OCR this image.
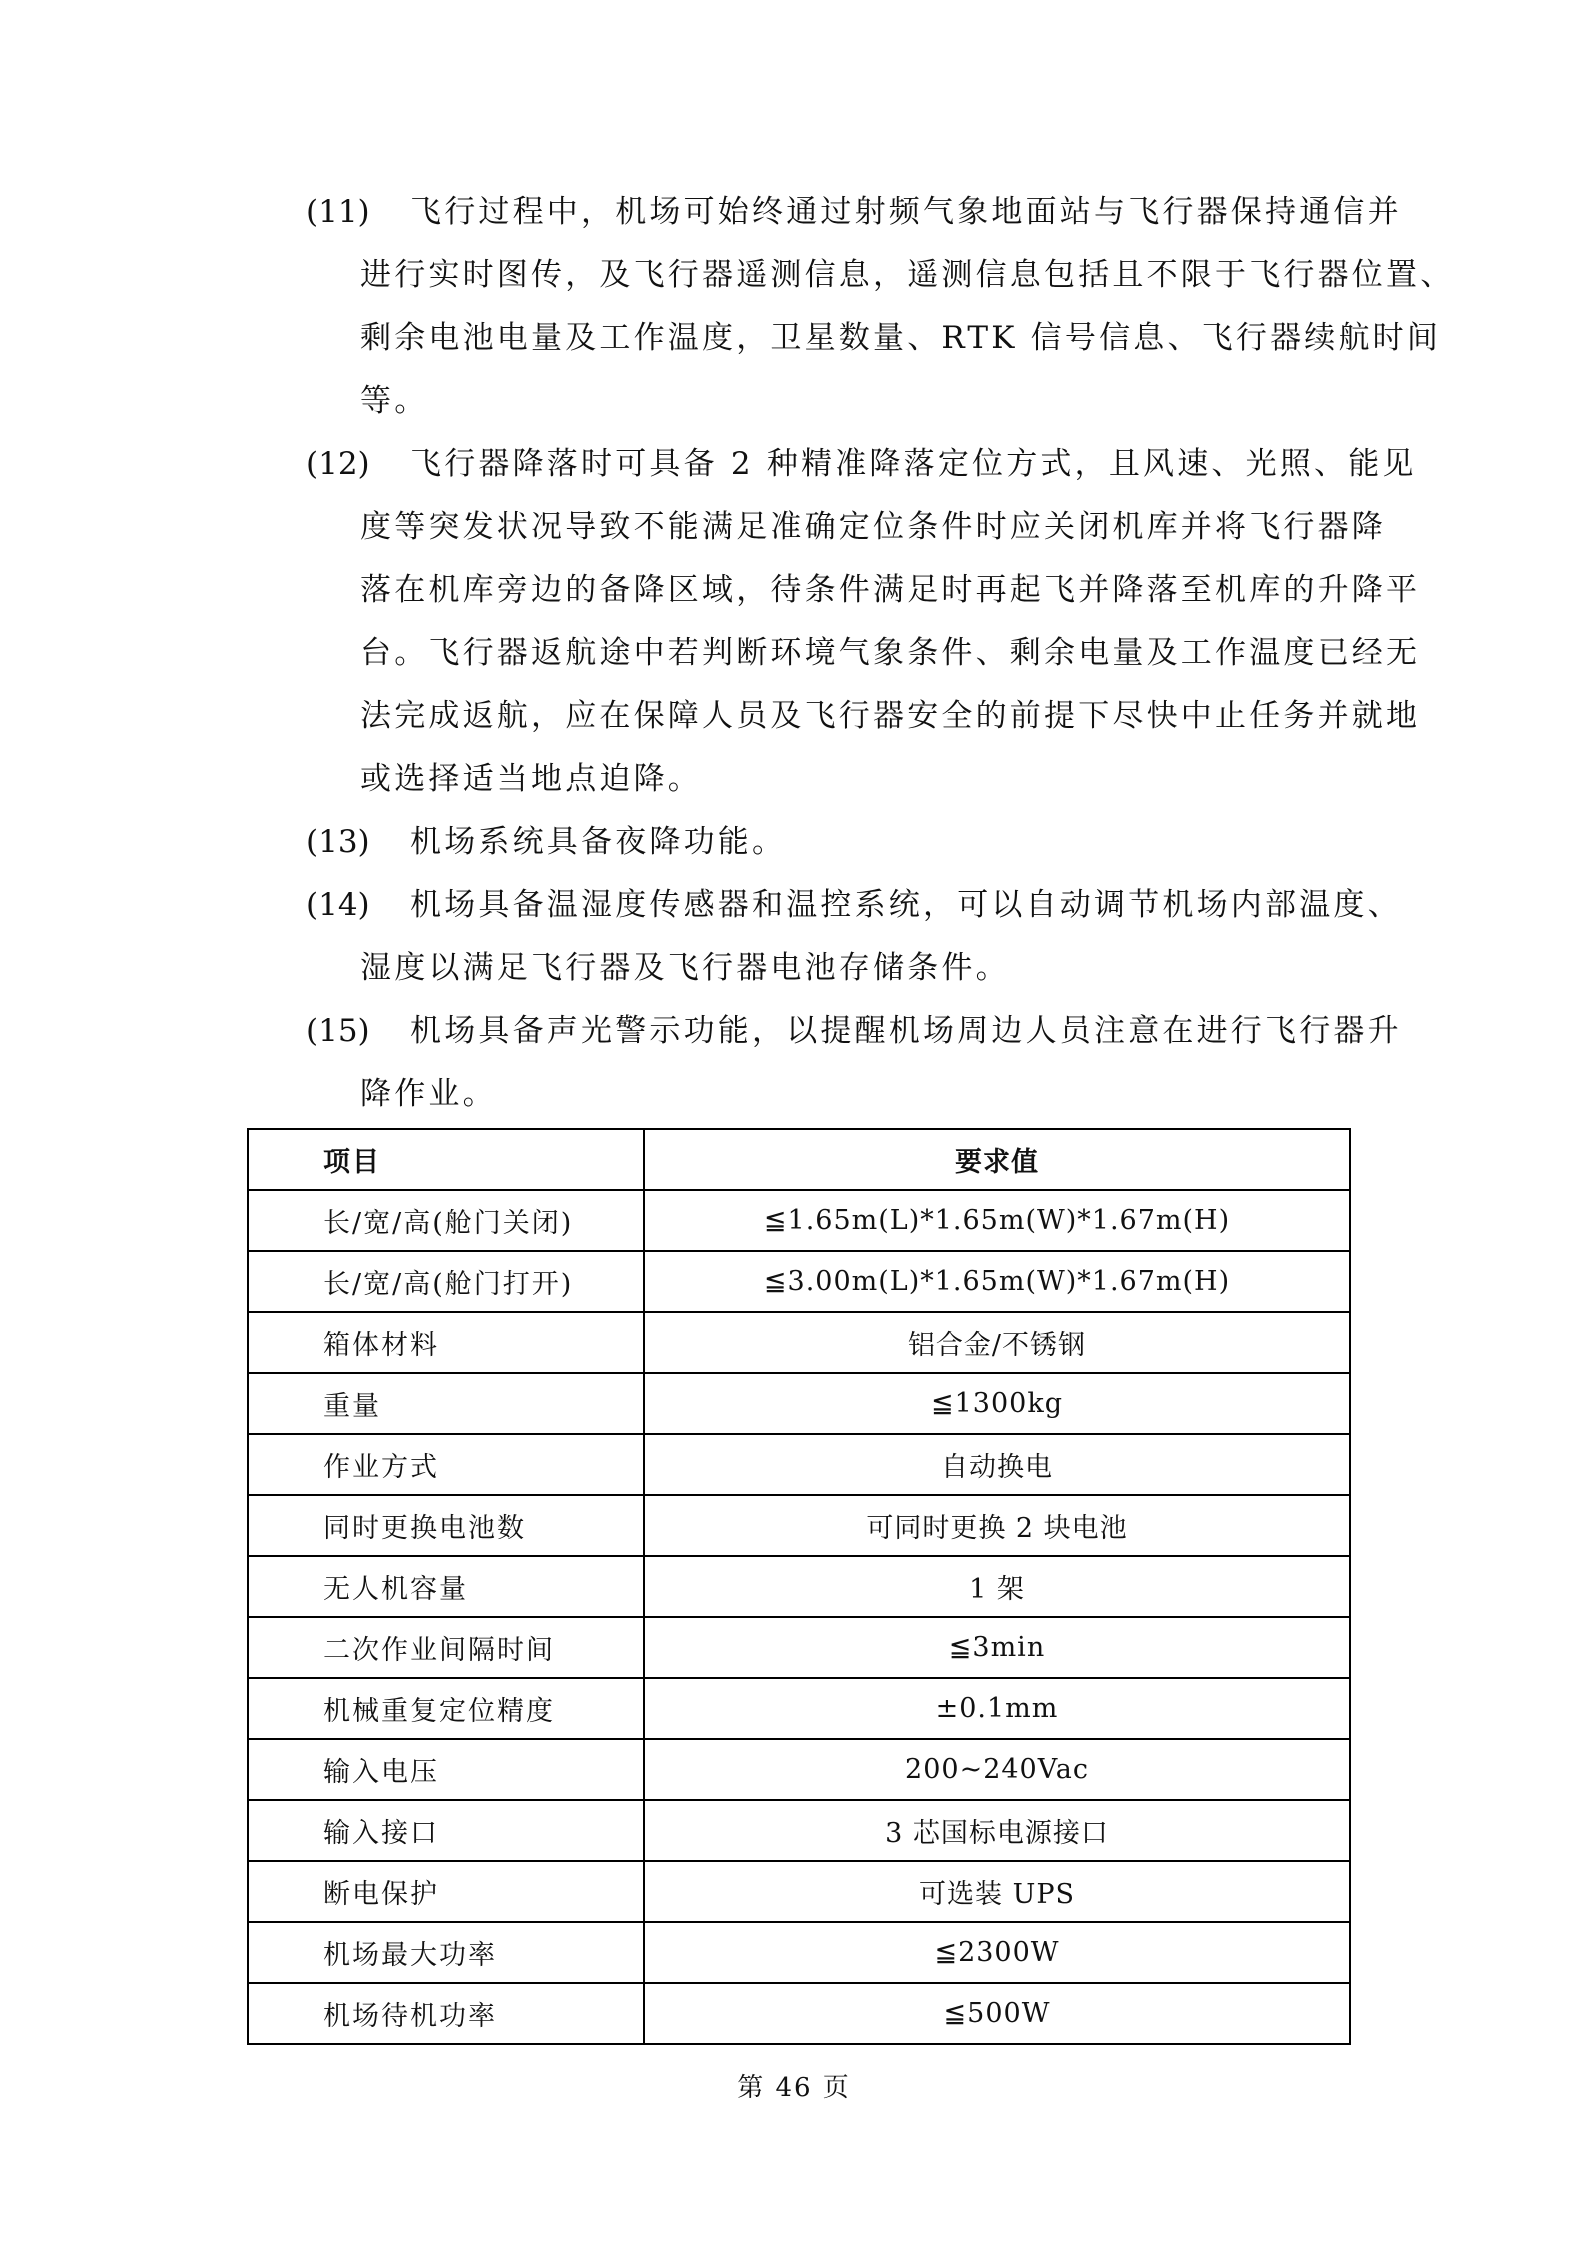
(11)	飞行过程中，机场可始终通过射频气象地面站与飞行器保持通信并
进行实时图传，及飞行器遥测信息，遥测信息包括且不限于飞行器位置、
剩余电池电量及工作温度，卫星数量、RTK 信号信息、飞行器续航时间
等。
(12)	飞行器降落时可具备 2 种精准降落定位方式，且风速、光照、能见
度等突发状况导致不能满足准确定位条件时应关闭机库并将飞行器降
落在机库旁边的备降区域，待条件满足时再起飞并降落至机库的升降平
台。飞行器返航途中若判断环境气象条件、剩余电量及工作温度已经无
法完成返航，应在保障人员及飞行器安全的前提下尽快中止任务并就地
或选择适当地点迫降。
(13)	机场系统具备夜降功能。
(14)	机场具备温湿度传感器和温控系统，可以自动调节机场内部温度、
湿度以满足飞行器及飞行器电池存储条件。
(15)	机场具备声光警示功能，以提醒机场周边人员注意在进行飞行器升
降作业。
项目	要求值
长/宽/高(舱门关闭)	≦1.65m(L)*1.65m(W)*1.67m(H)
长/宽/高(舱门打开)	≦3.00m(L)*1.65m(W)*1.67m(H)
箱体材料	铝合金/不锈钢
重量	≦1300kg
作业方式	自动换电
同时更换电池数	可同时更换 2 块电池
无人机容量	1 架
二次作业间隔时间	≦3min
机械重复定位精度	±0.1mm
输入电压	200~240Vac
输入接口	3 芯国标电源接口
断电保护	可选装 UPS
机场最大功率	≦2300W
机场待机功率	≦500W
第 46 页
